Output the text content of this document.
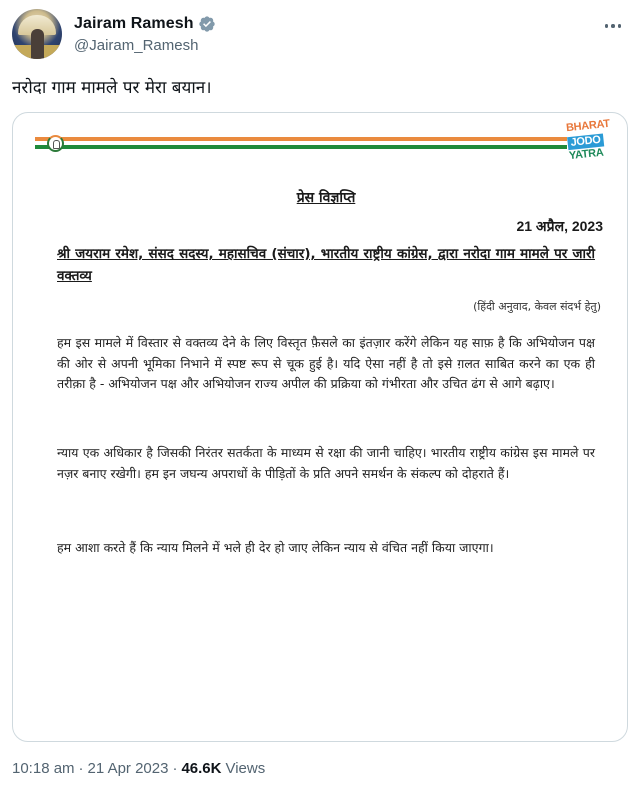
Jairam Ramesh
@Jairam_Ramesh
नरोदा गाम मामले पर मेरा बयान।
BHARAT
JODO
YATRA
प्रेस विज्ञप्ति
21 अप्रैल, 2023
श्री जयराम रमेश, संसद सदस्य, महासचिव (संचार), भारतीय राष्ट्रीय कांग्रेस, द्वारा नरोदा गाम मामले पर जारी वक्तव्य
(हिंदी अनुवाद, केवल संदर्भ हेतु)

हम इस मामले में विस्तार से वक्तव्य देने के लिए विस्तृत फ़ैसले का इंतज़ार करेंगे लेकिन यह साफ़ है कि अभियोजन पक्ष की ओर से अपनी भूमिका निभाने में स्पष्ट रूप से चूक हुई है। यदि ऐसा नहीं है तो इसे ग़लत साबित करने का एक ही तरीक़ा है - अभियोजन पक्ष और अभियोजन राज्य अपील की प्रक्रिया को गंभीरता और उचित ढंग से आगे बढ़ाए।

न्याय एक अधिकार है जिसकी निरंतर सतर्कता के माध्यम से रक्षा की जानी चाहिए। भारतीय राष्ट्रीय कांग्रेस इस मामले पर नज़र बनाए रखेगी। हम इन जघन्य अपराधों के पीड़ितों के प्रति अपने समर्थन के संकल्प को दोहराते हैं।

हम आशा करते हैं कि न्याय मिलने में भले ही देर हो जाए लेकिन न्याय से वंचित नहीं किया जाएगा।

10:18 am · 21 Apr 2023 · 46.6K Views
